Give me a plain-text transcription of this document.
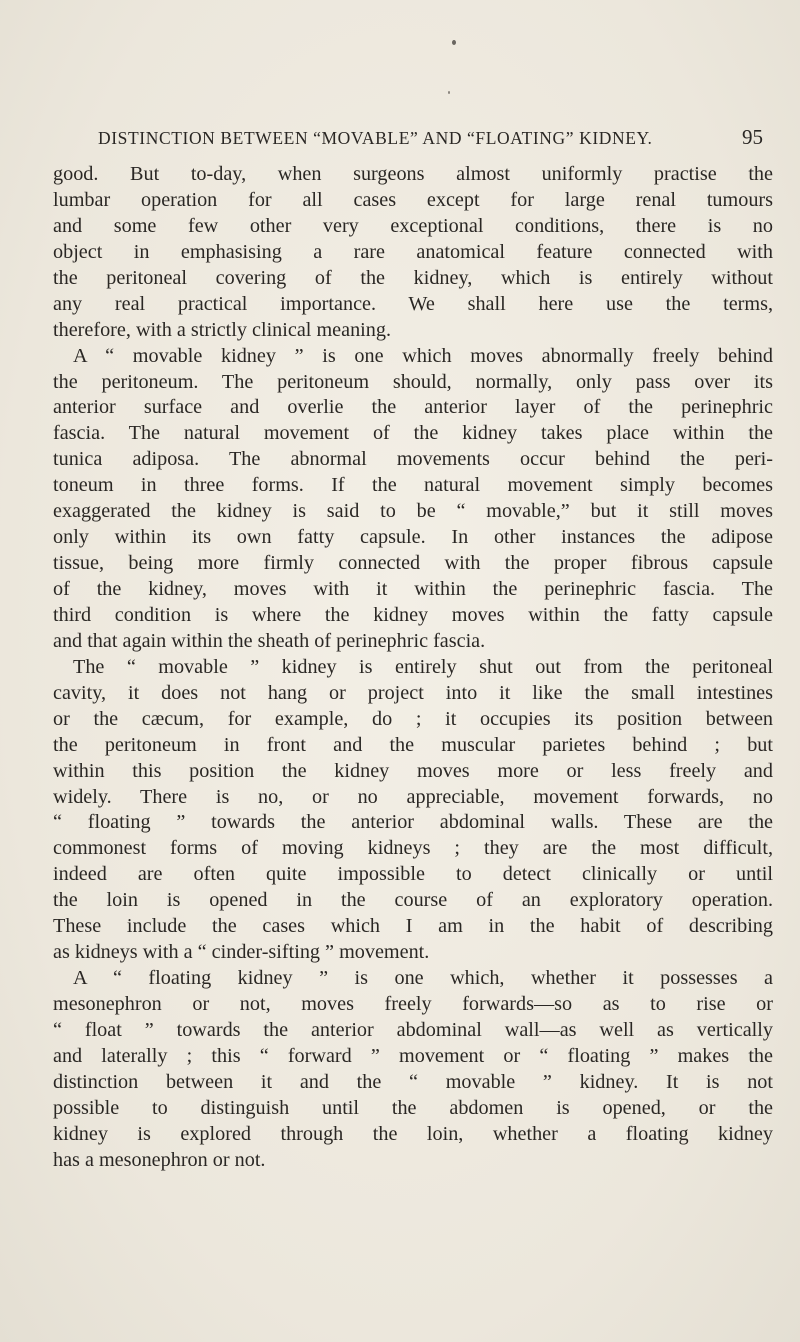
DISTINCTION BETWEEN “MOVABLE” AND “FLOATING” KIDNEY.	95
good. But to-day, when surgeons almost uniformly practise the
lumbar operation for all cases except for large renal tumours
and some few other very exceptional conditions, there is no
object in emphasising a rare anatomical feature connected with
the peritoneal covering of the kidney, which is entirely without
any real practical importance. We shall here use the terms,
therefore, with a strictly clinical meaning.
A “ movable kidney ” is one which moves abnormally freely behind
the peritoneum. The peritoneum should, normally, only pass over its
anterior surface and overlie the anterior layer of the perinephric
fascia. The natural movement of the kidney takes place within the
tunica adiposa. The abnormal movements occur behind the peri-
toneum in three forms. If the natural movement simply becomes
exaggerated the kidney is said to be “ movable,” but it still moves
only within its own fatty capsule. In other instances the adipose
tissue, being more firmly connected with the proper fibrous capsule
of the kidney, moves with it within the perinephric fascia. The
third condition is where the kidney moves within the fatty capsule
and that again within the sheath of perinephric fascia.
The “ movable ” kidney is entirely shut out from the peritoneal
cavity, it does not hang or project into it like the small intestines
or the cæcum, for example, do ; it occupies its position between
the peritoneum in front and the muscular parietes behind ; but
within this position the kidney moves more or less freely and
widely. There is no, or no appreciable, movement forwards, no
“ floating ” towards the anterior abdominal walls. These are the
commonest forms of moving kidneys ; they are the most difficult,
indeed are often quite impossible to detect clinically or until
the loin is opened in the course of an exploratory operation.
These include the cases which I am in the habit of describing
as kidneys with a “ cinder-sifting ” movement.
A “ floating kidney ” is one which, whether it possesses a
mesonephron or not, moves freely forwards—so as to rise or
“ float ” towards the anterior abdominal wall—as well as vertically
and laterally ; this “ forward ” movement or “ floating ” makes the
distinction between it and the “ movable ” kidney. It is not
possible to distinguish until the abdomen is opened, or the
kidney is explored through the loin, whether a floating kidney
has a mesonephron or not.
